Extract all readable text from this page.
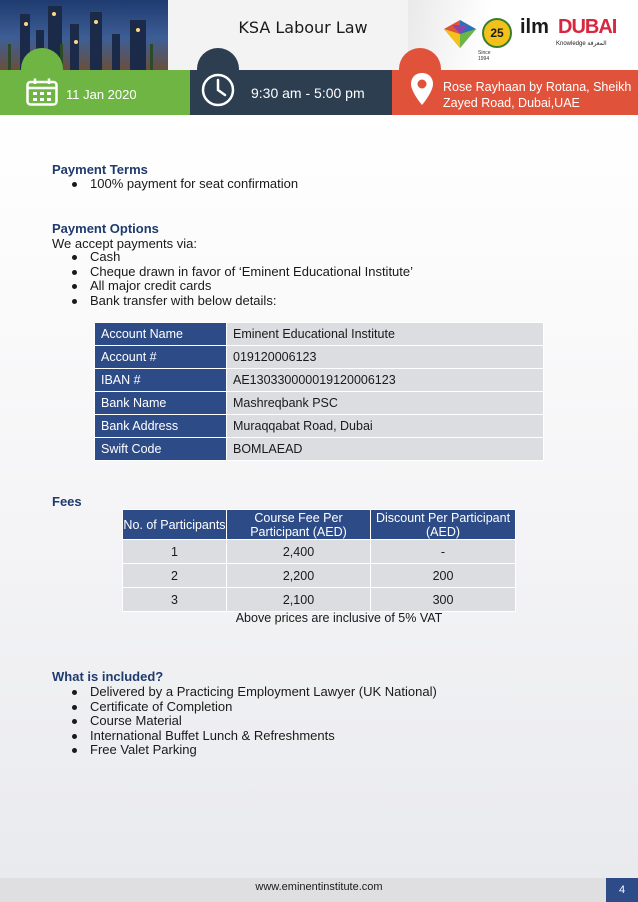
KSA Labour Law	25
Since 1994
ilm DUBAI
Knowledge المعرفة
11 Jan 2020	9:30 am - 5:00 pm	Rose Rayhaan by Rotana, Sheikh Zayed Road, Dubai,UAE
Payment Terms
100% payment for seat confirmation
Payment Options
We accept payments via:
Cash
Cheque drawn in favor of ‘Eminent Educational Institute’
All major credit cards
Bank transfer with below details:
Account Name	Eminent Educational Institute
Account #	019120006123
IBAN #	AE130330000019120006123
Bank Name	Mashreqbank PSC
Bank Address	Muraqqabat Road, Dubai
Swift Code	BOMLAEAD
Fees
No. of Participants	Course Fee Per Participant (AED)	Discount Per Participant (AED)
1	2,400	-
2	2,200	200
3	2,100	300
Above prices are inclusive of 5% VAT
What is included?
Delivered by a Practicing Employment Lawyer (UK National)
Certificate of Completion
Course Material
International Buffet Lunch & Refreshments
Free Valet Parking
www.eminentinstitute.com	4
